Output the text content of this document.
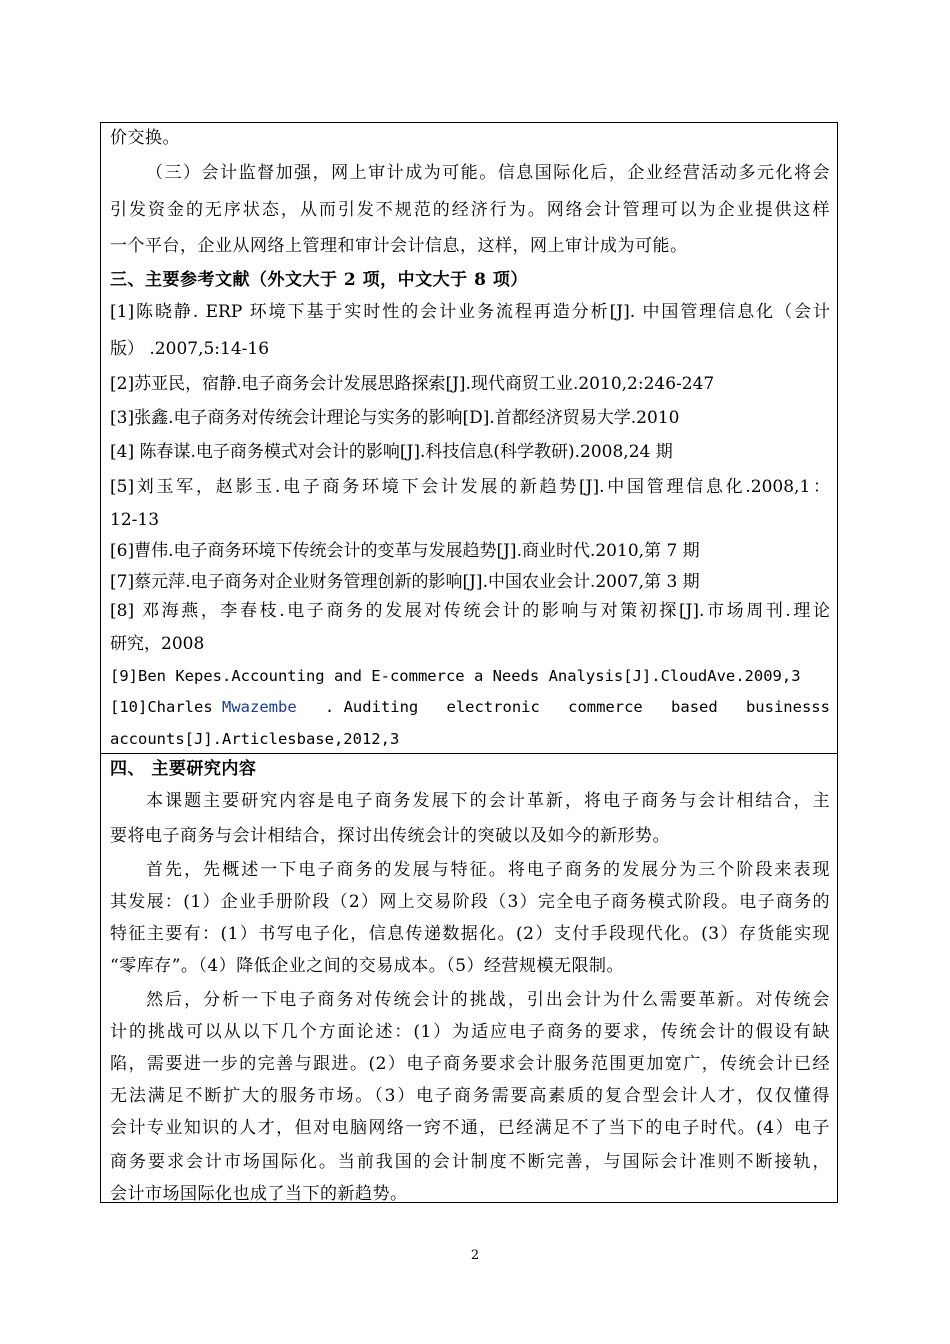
价交换。
（三）会计监督加强，网上审计成为可能。信息国际化后，企业经营活动多元化将会
引发资金的无序状态，从而引发不规范的经济行为。网络会计管理可以为企业提供这样
一个平台，企业从网络上管理和审计会计信息，这样，网上审计成为可能。
三、主要参考文献（外文大于 2 项，中文大于 8 项）
[1]陈晓静. ERP 环境下基于实时性的会计业务流程再造分析[J]. 中国管理信息化（会计
版） .2007,5:14-16
[2]苏亚民，宿静.电子商务会计发展思路探索[J].现代商贸工业.2010,2:246-247
[3]张鑫.电子商务对传统会计理论与实务的影响[D].首都经济贸易大学.2010
[4] 陈春谋.电子商务模式对会计的影响[J].科技信息(科学教研).2008,24 期
[5]刘玉军，赵影玉.电子商务环境下会计发展的新趋势[J].中国管理信息化.2008,1：
12-13
[6]曹伟.电子商务环境下传统会计的变革与发展趋势[J].商业时代.2010,第 7 期
[7]蔡元萍.电子商务对企业财务管理创新的影响[J].中国农业会计.2007,第 3 期
[8] 邓海燕，李春枝.电子商务的发展对传统会计的影响与对策初探[J].市场周刊.理论
研究，2008
[9]Ben Kepes.Accounting and E-commerce a Needs Analysis[J].CloudAve.2009,3
[10]Charles Mwazembe . Auditing electronic commerce based businesss
accounts[J].Articlesbase,2012,3
四、 主要研究内容
本课题主要研究内容是电子商务发展下的会计革新，将电子商务与会计相结合，主
要将电子商务与会计相结合，探讨出传统会计的突破以及如今的新形势。
首先，先概述一下电子商务的发展与特征。将电子商务的发展分为三个阶段来表现
其发展：(1）企业手册阶段（2）网上交易阶段（3）完全电子商务模式阶段。电子商务的
特征主要有：(1）书写电子化，信息传递数据化。(2）支付手段现代化。(3）存货能实现
“零库存”。（4）降低企业之间的交易成本。（5）经营规模无限制。
然后，分析一下电子商务对传统会计的挑战，引出会计为什么需要革新。对传统会
计的挑战可以从以下几个方面论述：(1）为适应电子商务的要求，传统会计的假设有缺
陷，需要进一步的完善与跟进。(2）电子商务要求会计服务范围更加宽广，传统会计已经
无法满足不断扩大的服务市场。（3）电子商务需要高素质的复合型会计人才，仅仅懂得
会计专业知识的人才，但对电脑网络一窍不通，已经满足不了当下的电子时代。(4）电子
商务要求会计市场国际化。当前我国的会计制度不断完善，与国际会计准则不断接轨，
会计市场国际化也成了当下的新趋势。
2
